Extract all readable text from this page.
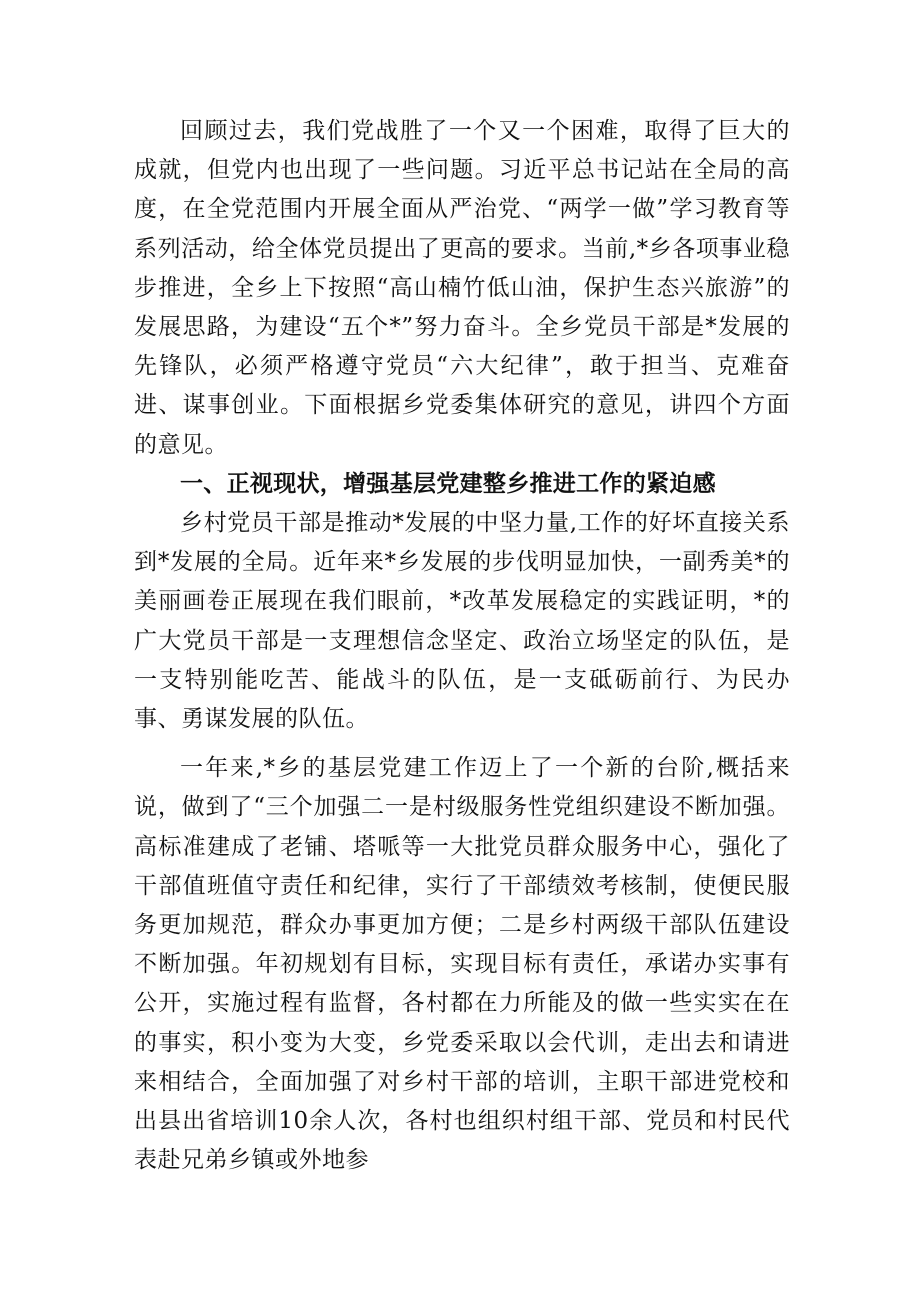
回顾过去，我们党战胜了一个又一个困难，取得了巨大的成就，但党内也出现了一些问题。习近平总书记站在全局的高度，在全党范围内开展全面从严治党、“两学一做”学习教育等系列活动，给全体党员提出了更高的要求。当前,*乡各项事业稳步推进，全乡上下按照“高山楠竹低山油，保护生态兴旅游”的发展思路，为建设“五个*”努力奋斗。全乡党员干部是*发展的先锋队，必须严格遵守党员“六大纪律”，敢于担当、克难奋进、谋事创业。下面根据乡党委集体研究的意见，讲四个方面的意见。

一、正视现状，增强基层党建整乡推进工作的紧迫感

乡村党员干部是推动*发展的中坚力量,工作的好坏直接关系到*发展的全局。近年来*乡发展的步伐明显加快，一副秀美*的美丽画卷正展现在我们眼前，*改革发展稳定的实践证明，*的广大党员干部是一支理想信念坚定、政治立场坚定的队伍，是一支特别能吃苦、能战斗的队伍，是一支砥砺前行、为民办事、勇谋发展的队伍。

一年来,*乡的基层党建工作迈上了一个新的台阶,概括来说，做到了“三个加强二一是村级服务性党组织建设不断加强。高标准建成了老铺、塔哌等一大批党员群众服务中心，强化了干部值班值守责任和纪律，实行了干部绩效考核制，使便民服务更加规范，群众办事更加方便；二是乡村两级干部队伍建设不断加强。年初规划有目标，实现目标有责任，承诺办实事有公开，实施过程有监督，各村都在力所能及的做一些实实在在的事实，积小变为大变，乡党委采取以会代训，走出去和请进来相结合，全面加强了对乡村干部的培训，主职干部进党校和出县出省培训10余人次，各村也组织村组干部、党员和村民代表赴兄弟乡镇或外地参
